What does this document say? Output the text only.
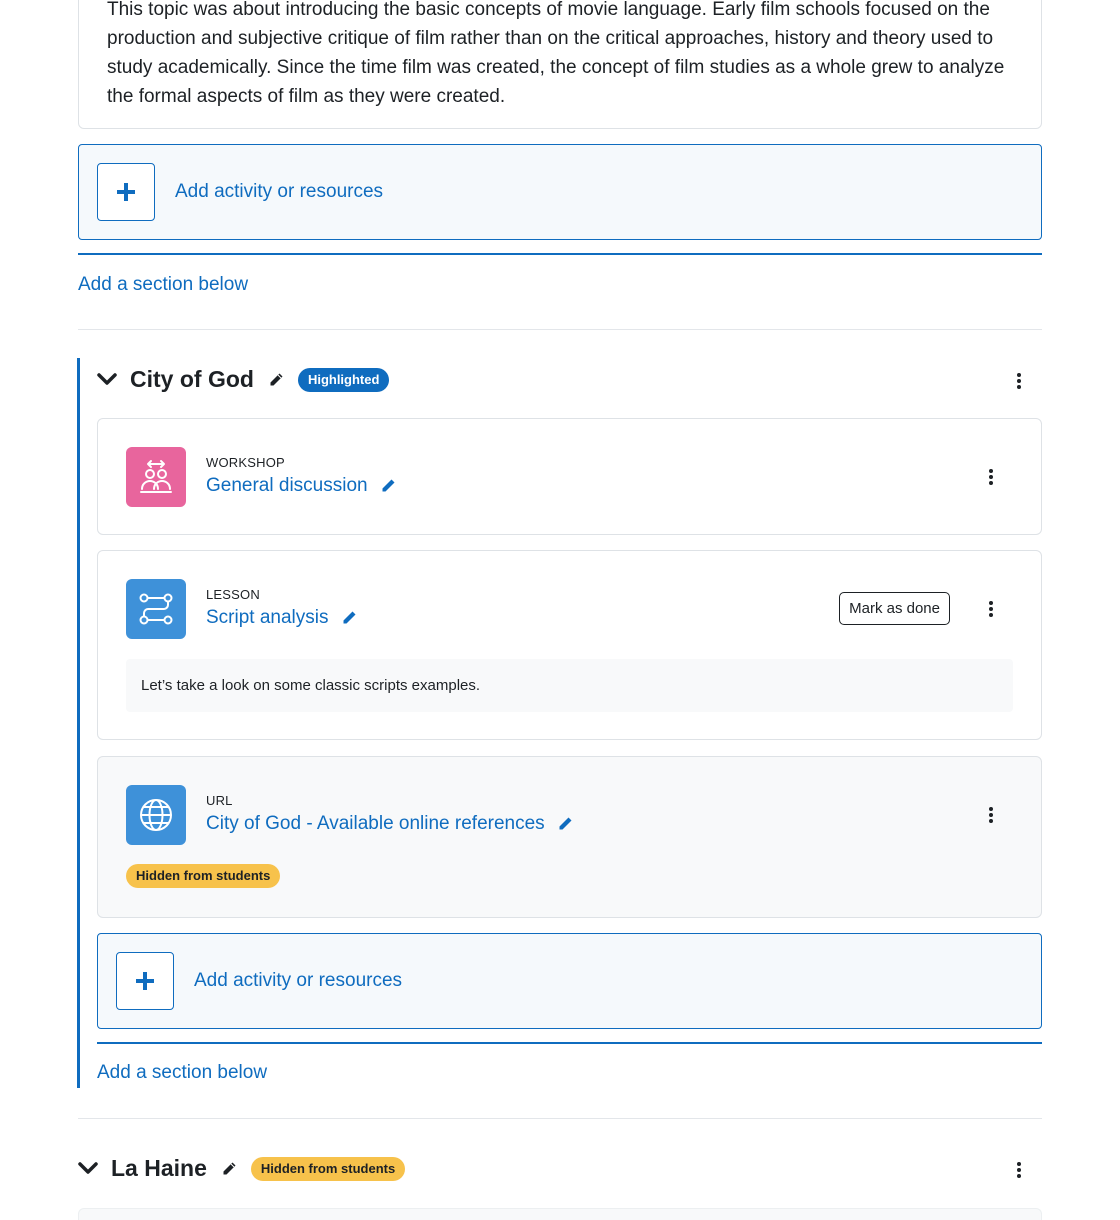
This topic was about introducing the basic concepts of movie language. Early film schools focused on the production and subjective critique of film rather than on the critical approaches, history and theory used to study academically. Since the time film was created, the concept of film studies as a whole grew to analyze the formal aspects of film as they were created.

Add activity or resources
Add a section below
City of God	Highlighted
WORKSHOP
General discussion
LESSON
Script analysis	Mark as done
Let’s take a look on some classic scripts examples.
URL
City of God - Available online references
Hidden from students
Add activity or resources
Add a section below
La Haine	Hidden from students
